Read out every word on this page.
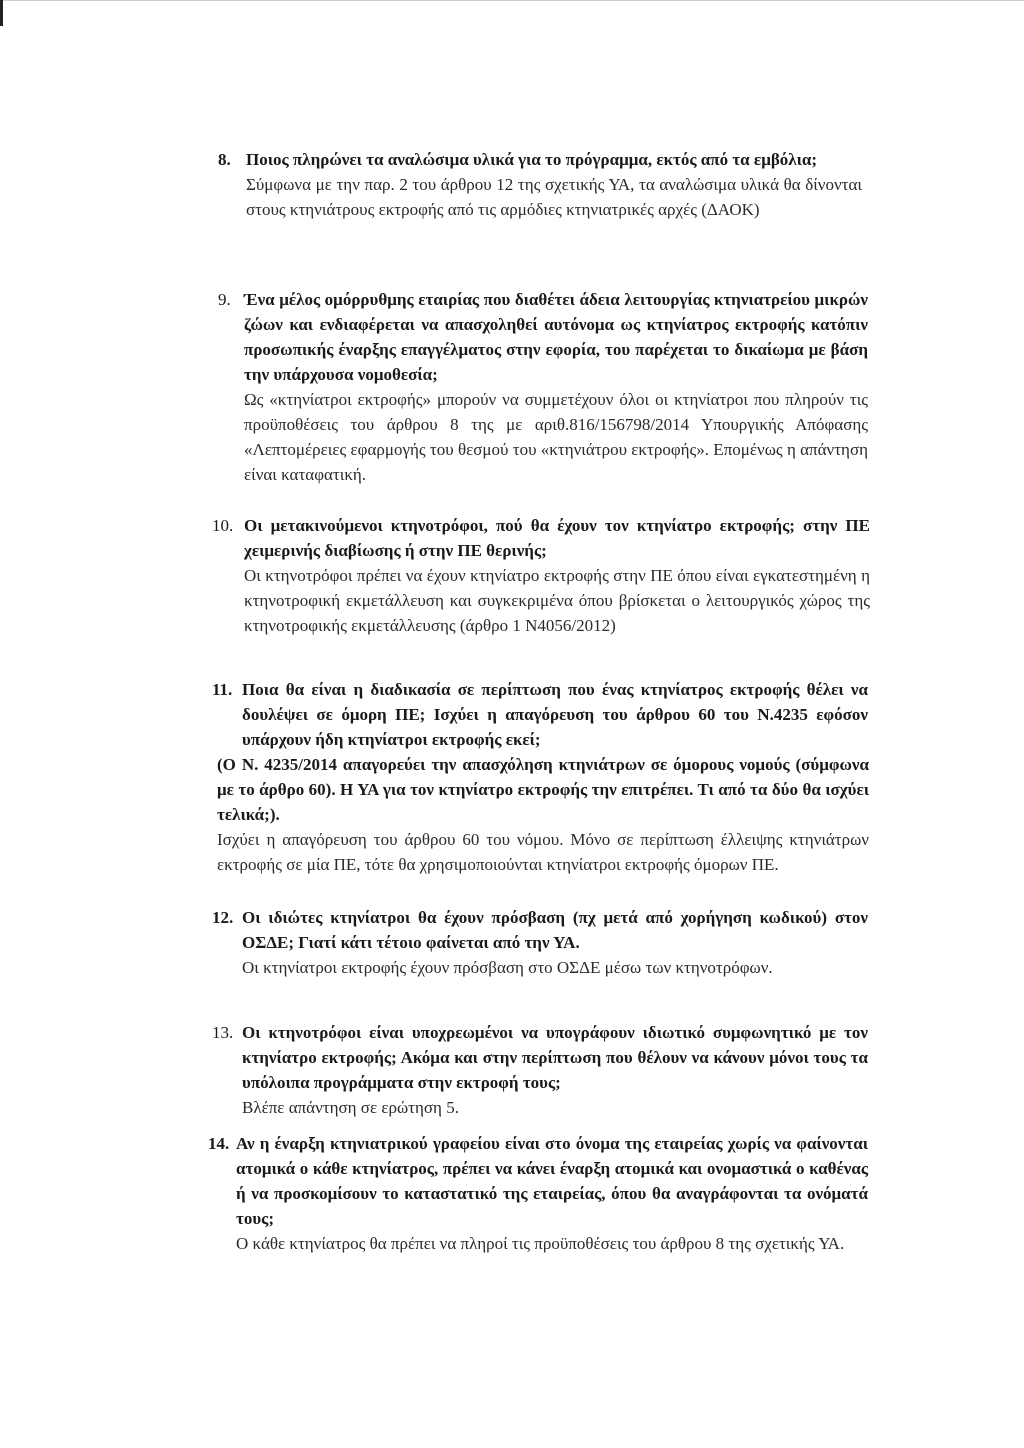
8. Ποιος πληρώνει τα αναλώσιμα υλικά για το πρόγραμμα, εκτός από τα εμβόλια;

Σύμφωνα με την παρ. 2 του άρθρου 12 της σχετικής ΥΑ, τα αναλώσιμα υλικά θα δίνονται στους κτηνιάτρους εκτροφής από τις αρμόδιες κτηνιατρικές αρχές (ΔΑΟΚ)

9. Ένα μέλος ομόρρυθμης εταιρίας που διαθέτει άδεια λειτουργίας κτηνιατρείου μικρών ζώων και ενδιαφέρεται να απασχοληθεί αυτόνομα ως κτηνίατρος εκτροφής κατόπιν προσωπικής έναρξης επαγγέλματος στην εφορία, του παρέχεται το δικαίωμα με βάση την υπάρχουσα νομοθεσία;

Ως «κτηνίατροι εκτροφής» μπορούν να συμμετέχουν όλοι οι κτηνίατροι που πληρούν τις προϋποθέσεις του άρθρου 8 της με αριθ.816/156798/2014 Υπουργικής Απόφασης «Λεπτομέρειες εφαρμογής του θεσμού του «κτηνιάτρου εκτροφής». Επομένως η απάντηση είναι καταφατική.

10. Οι μετακινούμενοι κτηνοτρόφοι, πού θα έχουν τον κτηνίατρο εκτροφής; στην ΠΕ χειμερινής διαβίωσης ή στην ΠΕ θερινής;

Οι κτηνοτρόφοι πρέπει να έχουν κτηνίατρο εκτροφής στην ΠΕ όπου είναι εγκατεστημένη η κτηνοτροφική εκμετάλλευση και συγκεκριμένα όπου βρίσκεται ο λειτουργικός χώρος της κτηνοτροφικής εκμετάλλευσης (άρθρο 1 Ν4056/2012)

11. Ποια θα είναι η διαδικασία σε περίπτωση που ένας κτηνίατρος εκτροφής θέλει να δουλέψει σε όμορη ΠΕ; Ισχύει η απαγόρευση του άρθρου 60 του Ν.4235 εφόσον υπάρχουν ήδη κτηνίατροι εκτροφής εκεί;

(Ο Ν. 4235/2014 απαγορεύει την απασχόληση κτηνιάτρων σε όμορους νομούς (σύμφωνα με το άρθρο 60). Η ΥΑ για τον κτηνίατρο εκτροφής την επιτρέπει. Τι από τα δύο θα ισχύει τελικά;).

Ισχύει η απαγόρευση του άρθρου 60 του νόμου. Μόνο σε περίπτωση έλλειψης κτηνιάτρων εκτροφής σε μία ΠΕ, τότε θα χρησιμοποιούνται κτηνίατροι εκτροφής όμορων ΠΕ.

12. Οι ιδιώτες κτηνίατροι θα έχουν πρόσβαση (πχ μετά από χορήγηση κωδικού) στον ΟΣΔΕ; Γιατί κάτι τέτοιο φαίνεται από την ΥΑ.

Οι κτηνίατροι εκτροφής έχουν πρόσβαση στο ΟΣΔΕ μέσω των κτηνοτρόφων.

13. Οι κτηνοτρόφοι είναι υποχρεωμένοι να υπογράφουν ιδιωτικό συμφωνητικό με τον κτηνίατρο εκτροφής; Ακόμα και στην περίπτωση που θέλουν να κάνουν μόνοι τους τα υπόλοιπα προγράμματα στην εκτροφή τους;

Βλέπε απάντηση σε ερώτηση 5.

14. Αν η έναρξη κτηνιατρικού γραφείου είναι στο όνομα της εταιρείας χωρίς να φαίνονται ατομικά ο κάθε κτηνίατρος, πρέπει να κάνει έναρξη ατομικά και ονομαστικά ο καθένας ή να προσκομίσουν το καταστατικό της εταιρείας, όπου θα αναγράφονται τα ονόματά τους;

Ο κάθε κτηνίατρος θα πρέπει να πληροί τις προϋποθέσεις του άρθρου 8 της σχετικής ΥΑ.
